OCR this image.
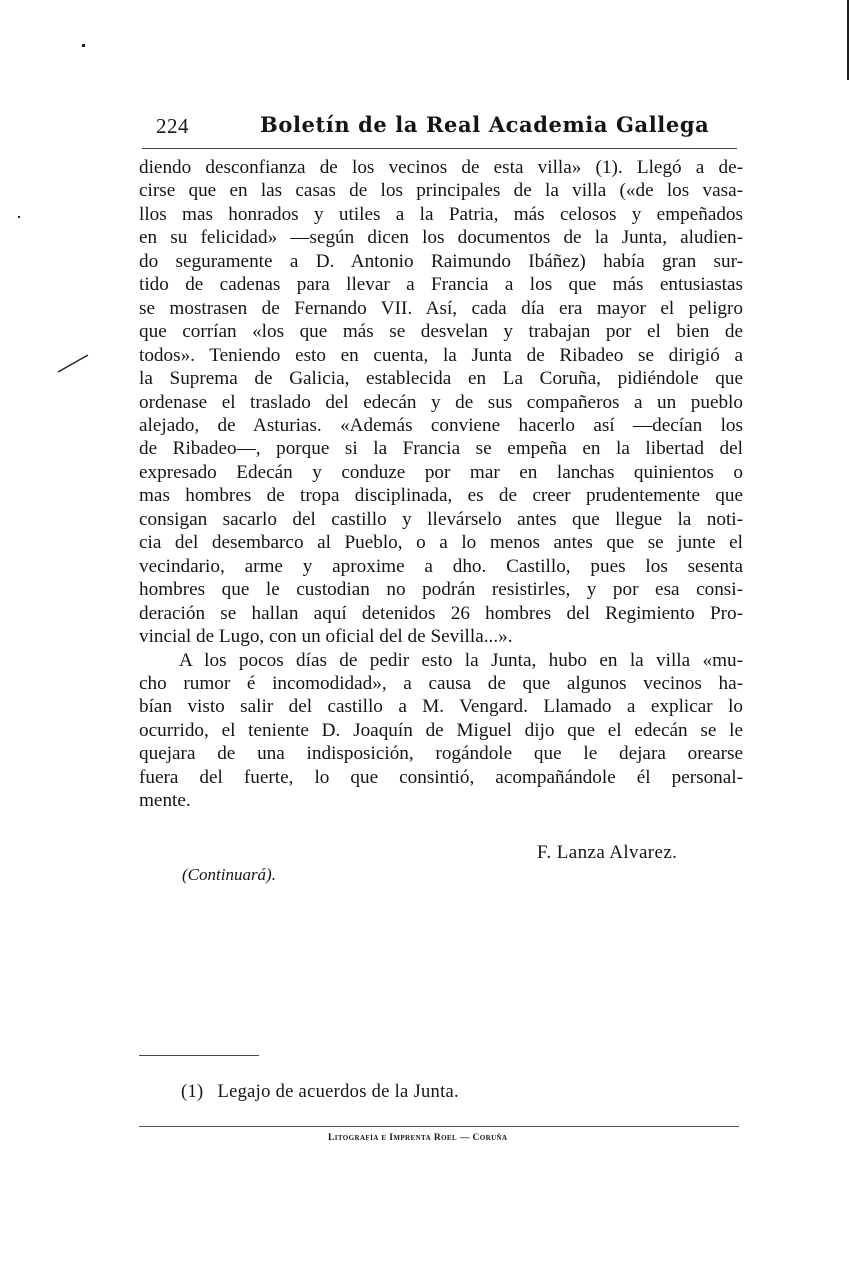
224	Boletín de la Real Academia Gallega
diendo desconfianza de los vecinos de esta villa» (1). Llegó a de-
cirse que en las casas de los principales de la villa («de los vasa-
llos mas honrados y utiles a la Patria, más celosos y empeñados
en su felicidad» —según dicen los documentos de la Junta, aludien-
do seguramente a D. Antonio Raimundo Ibáñez) había gran sur-
tido de cadenas para llevar a Francia a los que más entusiastas
se mostrasen de Fernando VII. Así, cada día era mayor el peligro
que corrían «los que más se desvelan y trabajan por el bien de
todos». Teniendo esto en cuenta, la Junta de Ribadeo se dirigió a
la Suprema de Galicia, establecida en La Coruña, pidiéndole que
ordenase el traslado del edecán y de sus compañeros a un pueblo
alejado, de Asturias. «Además conviene hacerlo así —decían los
de Ribadeo—, porque si la Francia se empeña en la libertad del
expresado Edecán y conduze por mar en lanchas quinientos o
mas hombres de tropa disciplinada, es de creer prudentemente que
consigan sacarlo del castillo y llevárselo antes que llegue la noti-
cia del desembarco al Pueblo, o a lo menos antes que se junte el
vecindario, arme y aproxime a dho. Castillo, pues los sesenta
hombres que le custodian no podrán resistirles, y por esa consi-
deración se hallan aquí detenidos 26 hombres del Regimiento Pro-
vincial de Lugo, con un oficial del de Sevilla...».
A los pocos días de pedir esto la Junta, hubo en la villa «mu-
cho rumor é incomodidad», a causa de que algunos vecinos ha-
bían visto salir del castillo a M. Vengard. Llamado a explicar lo
ocurrido, el teniente D. Joaquín de Miguel dijo que el edecán se le
quejara de una indisposición, rogándole que le dejara orearse
fuera del fuerte, lo que consintió, acompañándole él personal-
mente.
F. Lanza Alvarez.
(Continuará).
(1) Legajo de acuerdos de la Junta.
Litografía e Imprenta Roel — Coruña
